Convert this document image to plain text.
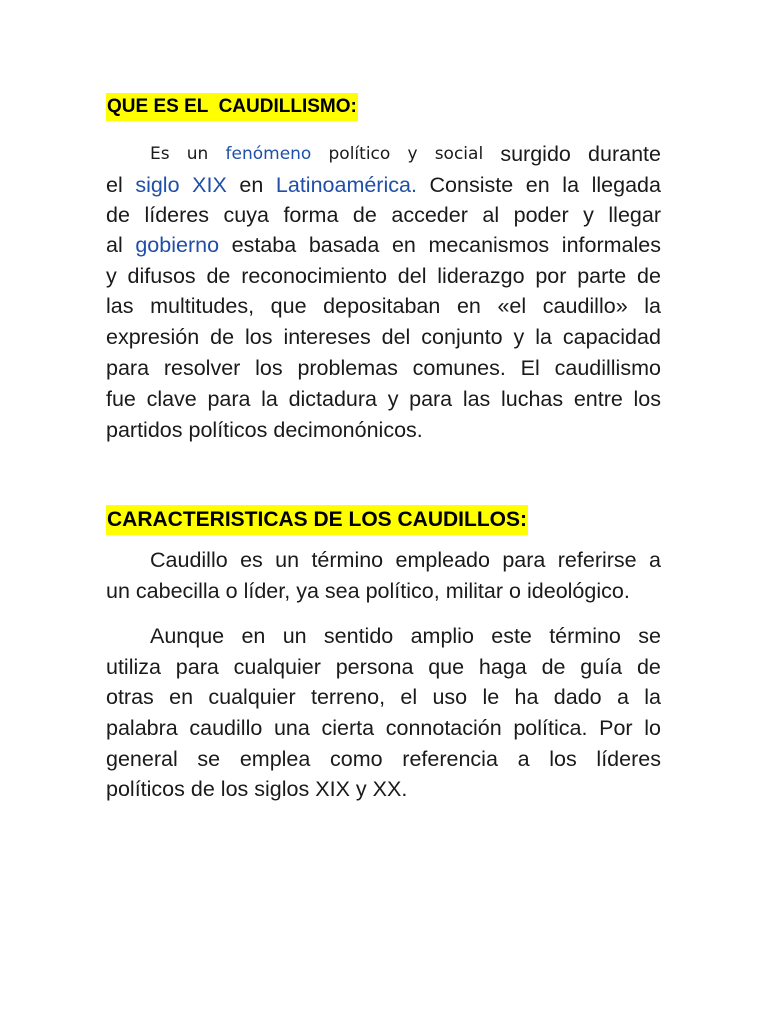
QUE ES EL  CAUDILLISMO:
Es un fenómeno político y social surgido durante
el siglo XIX en Latinoamérica. Consiste en la llegada
de líderes cuya forma de acceder al poder y llegar
al gobierno estaba basada en mecanismos informales
y difusos de reconocimiento del liderazgo por parte de
las multitudes, que depositaban en «el caudillo» la
expresión de los intereses del conjunto y la capacidad
para resolver los problemas comunes. El caudillismo
fue clave para la dictadura y para las luchas entre los
partidos políticos decimonónicos.
CARACTERISTICAS DE LOS CAUDILLOS:
Caudillo es un término empleado para referirse a
un cabecilla o líder, ya sea político, militar o ideológico.
Aunque en un sentido amplio este término se
utiliza para cualquier persona que haga de guía de
otras en cualquier terreno, el uso le ha dado a la
palabra caudillo una cierta connotación política. Por lo
general se emplea como referencia a los líderes
políticos de los siglos XIX y XX.
